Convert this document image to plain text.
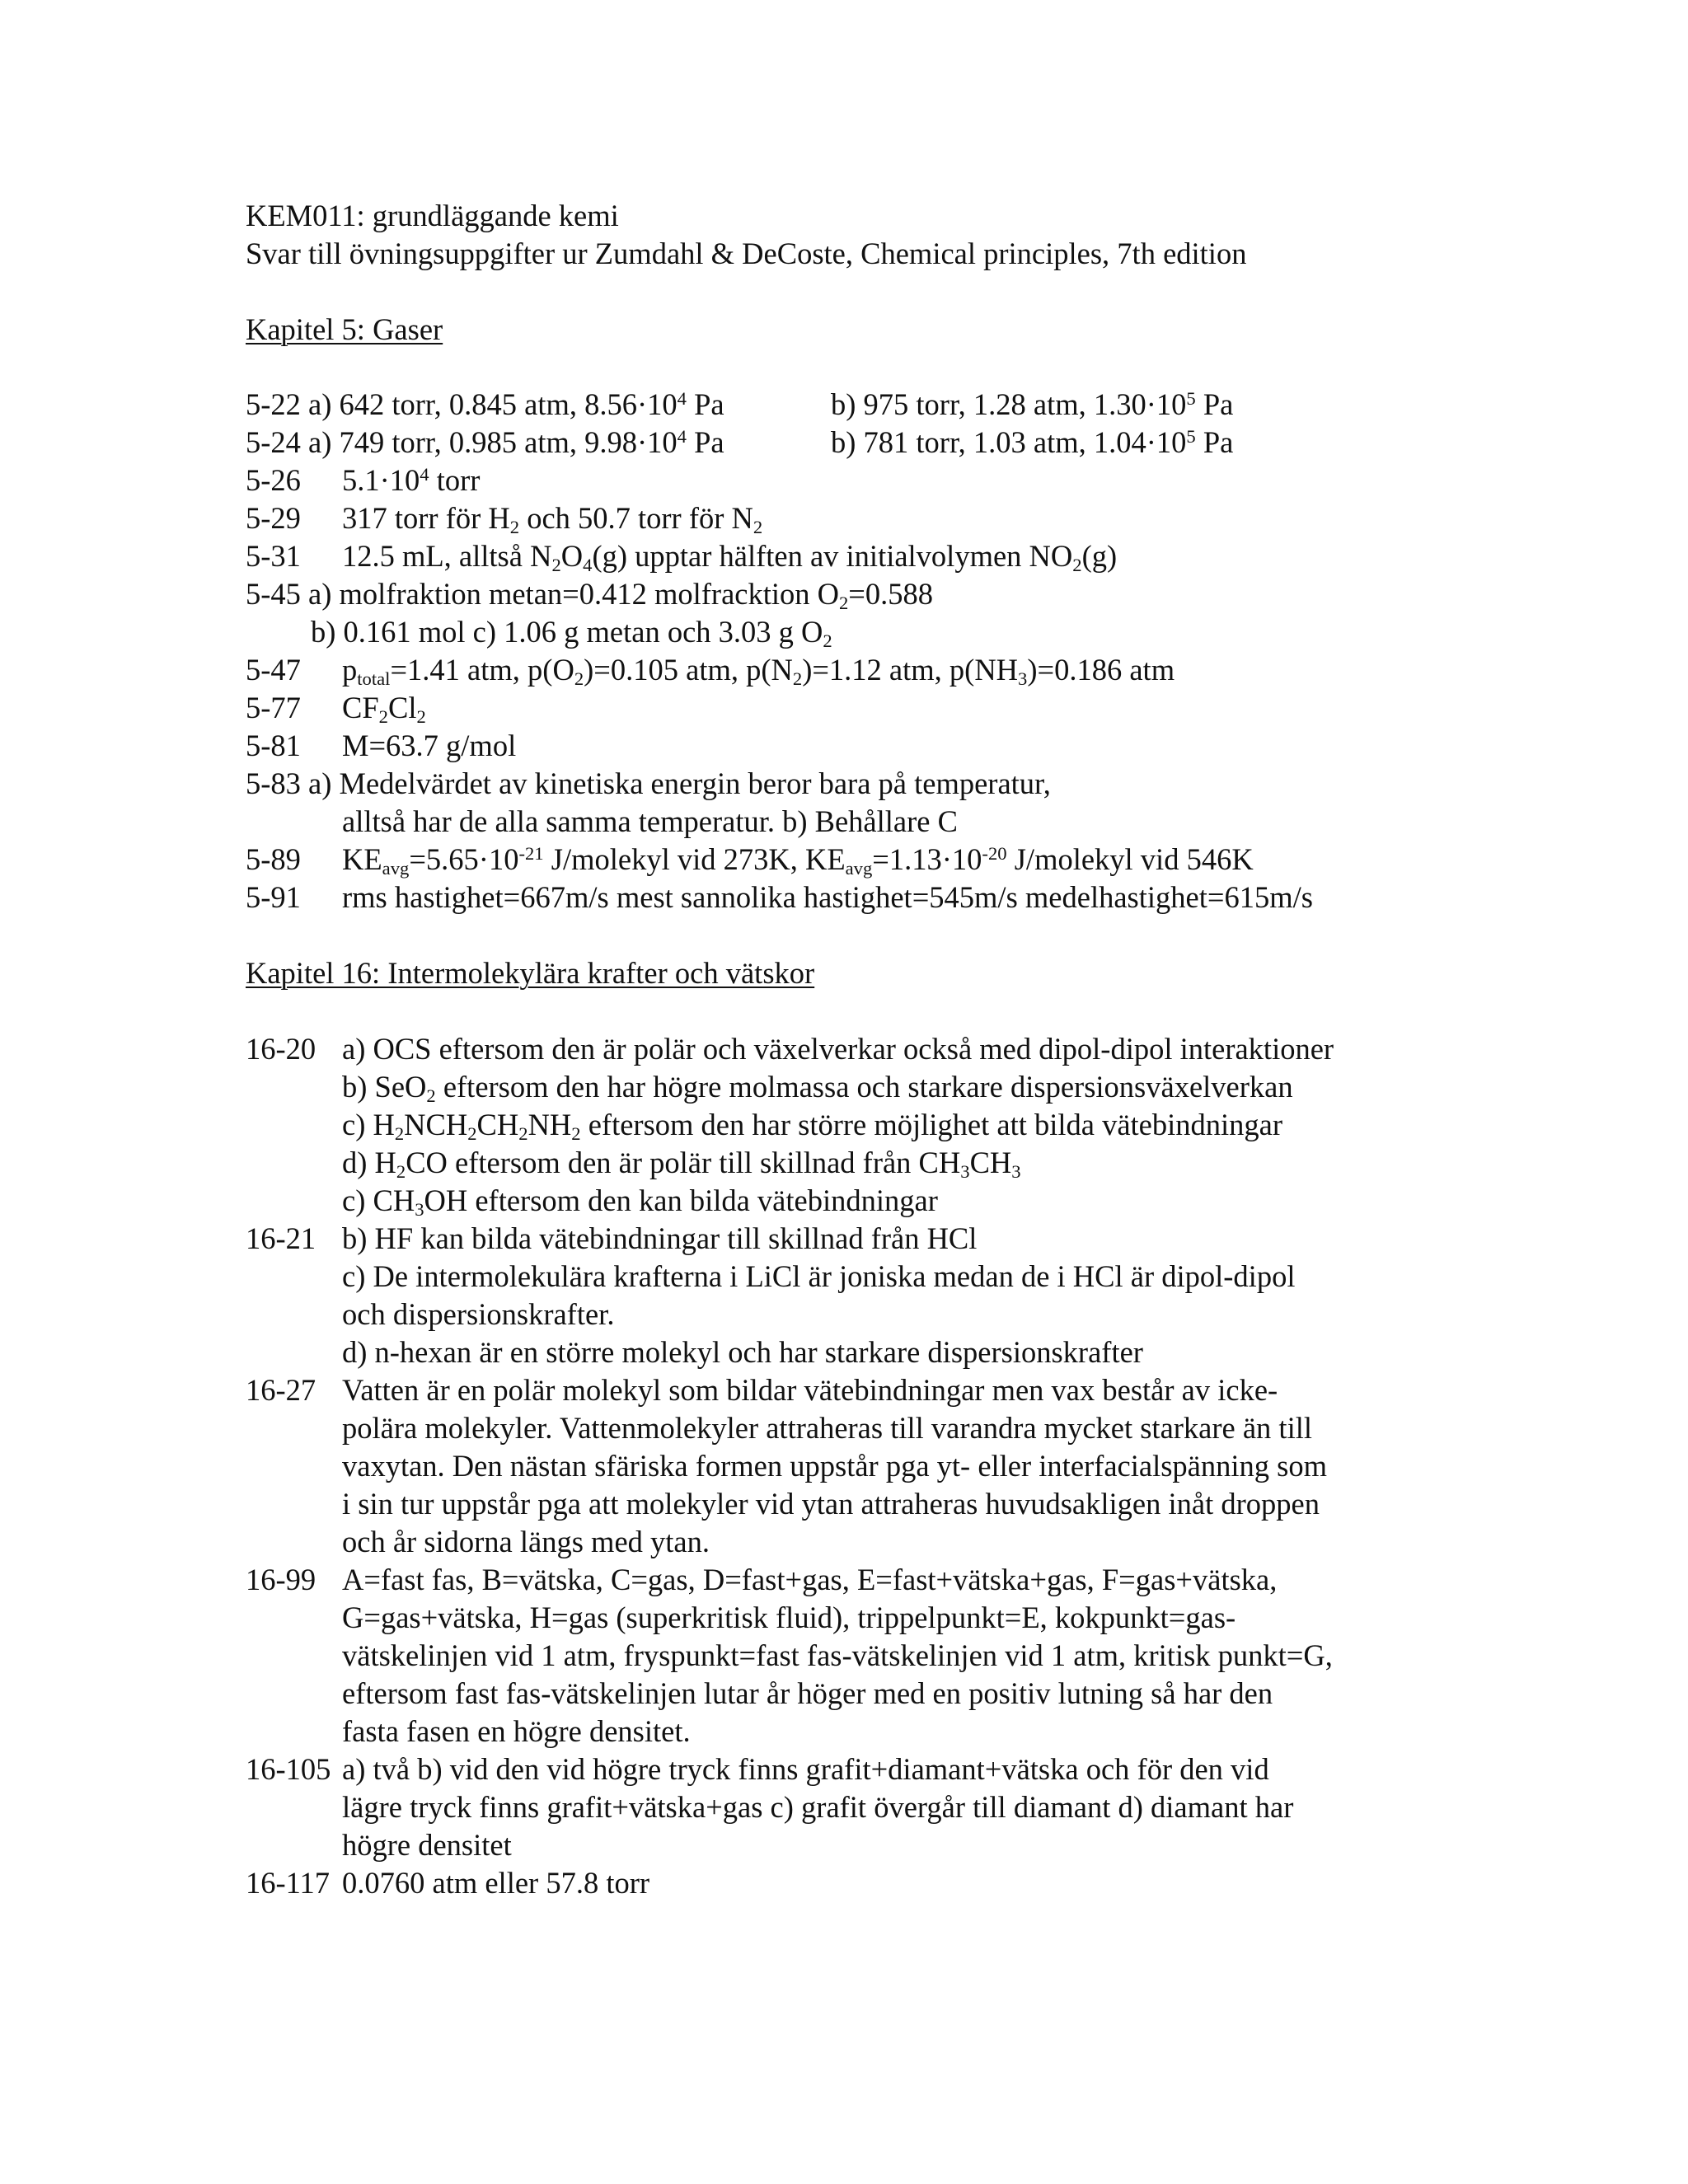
KEM011: grundläggande kemi
Svar till övningsuppgifter ur Zumdahl & DeCoste, Chemical principles, 7th edition
Kapitel 5: Gaser
5-22 a) 642 torr, 0.845 atm, $8.56\cdot 10^4$ Pa	b) 975 torr, 1.28 atm, $1.30\cdot 10^5$ Pa
5-24 a) 749 torr, 0.985 atm, $9.98\cdot 10^4$ Pa	b) 781 torr, 1.03 atm, $1.04\cdot 10^5$ Pa
5-26 $5.1\cdot 10^4$ torr
5-29 317 torr för $H_2$ och 50.7 torr för $N_2$
5-31 12.5 mL, alltså $N_2O_4(g)$ upptar hälften av initialvolymen $NO_2(g)$
5-45 a) molfraktion metan=0.412 molfracktion $O_2=0.588$
b) 0.161 mol c) 1.06 g metan och 3.03 g $O_2$
5-47 $p_{total}=1.41$ atm, $p(O_2)=0.105$ atm, $p(N_2)=1.12$ atm, $p(NH_3)=0.186$ atm
5-77 $CF_2Cl_2$
5-81 M=63.7 g/mol
5-83 a) Medelvärdet av kinetiska energin beror bara på temperatur,
alltså har de alla samma temperatur. b) Behållare C
5-89 $KE_{avg}=5.65\cdot 10^{-21}$ J/molekyl vid 273K, $KE_{avg}=1.13\cdot 10^{-20}$ J/molekyl vid 546K
5-91 rms hastighet=667m/s mest sannolika hastighet=545m/s medelhastighet=615m/s
Kapitel 16: Intermolekylära krafter och vätskor
16-20 a) OCS eftersom den är polär och växelverkar också med dipol-dipol interaktioner
b) SeO$_2$ eftersom den har högre molmassa och starkare dispersionsväxelverkan
c) $H_2NCH_2CH_2NH_2$ eftersom den har större möjlighet att bilda vätebindningar
d) $H_2CO$ eftersom den är polär till skillnad från $CH_3CH_3$
c) $CH_3OH$ eftersom den kan bilda vätebindningar
16-21 b) HF kan bilda vätebindningar till skillnad från HCl
c) De intermolekulära krafterna i LiCl är joniska medan de i HCl är dipol-dipol
och dispersionskrafter.
d) n-hexan är en större molekyl och har starkare dispersionskrafter
16-27 Vatten är en polär molekyl som bildar vätebindningar men vax består av icke-
polära molekyler. Vattenmolekyler attraheras till varandra mycket starkare än till
vaxytan. Den nästan sfäriska formen uppstår pga yt- eller interfacialspänning som
i sin tur uppstår pga att molekyler vid ytan attraheras huvudsakligen inåt droppen
och år sidorna längs med ytan.
16-99 A=fast fas, B=vätska, C=gas, D=fast+gas, E=fast+vätska+gas, F=gas+vätska,
G=gas+vätska, H=gas (superkritisk fluid), trippelpunkt=E, kokpunkt=gas-
vätskelinjen vid 1 atm, fryspunkt=fast fas-vätskelinjen vid 1 atm, kritisk punkt=G,
eftersom fast fas-vätskelinjen lutar år höger med en positiv lutning så har den
fasta fasen en högre densitet.
16-105 a) två b) vid den vid högre tryck finns grafit+diamant+vätska och för den vid
lägre tryck finns grafit+vätska+gas c) grafit övergår till diamant d) diamant har
högre densitet
16-117 0.0760 atm eller 57.8 torr
